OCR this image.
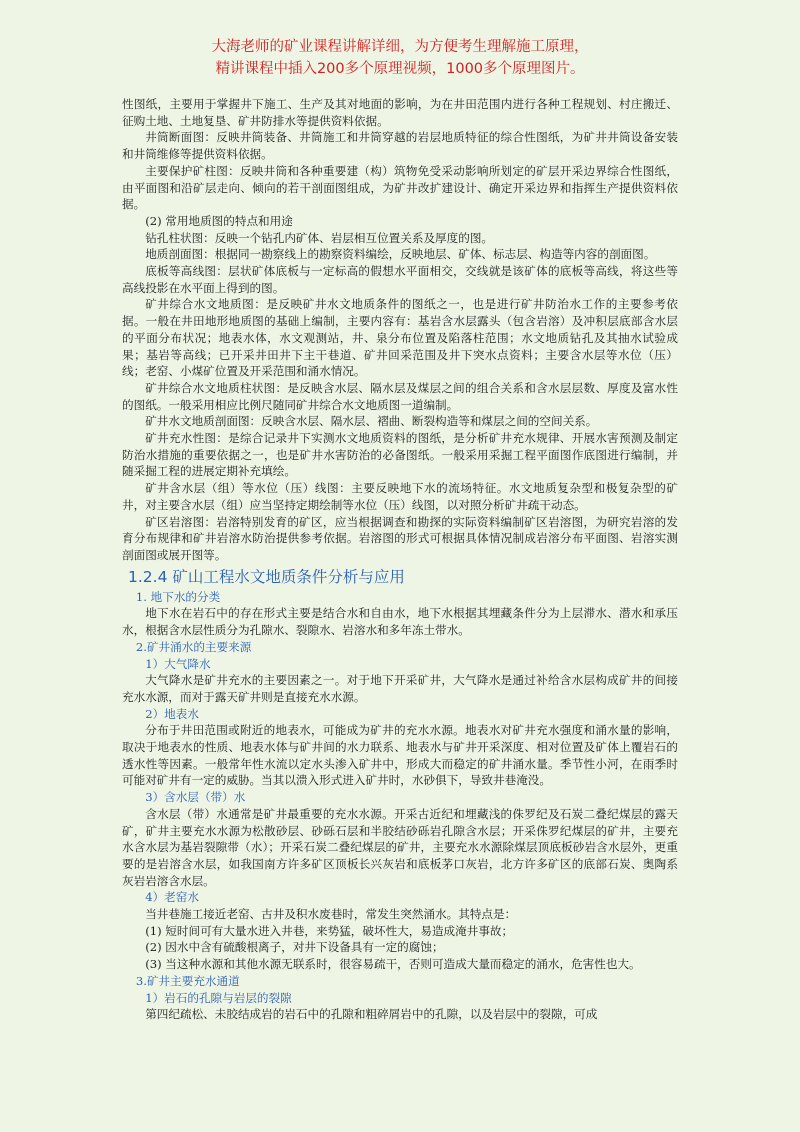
大海老师的矿业课程讲解详细，为方便考生理解施工原理，
精讲课程中插入200多个原理视频，1000多个原理图片。

性图纸，主要用于掌握井下施工、生产及其对地面的影响，为在井田范围内进行各种工程规划、村庄搬迁、征购土地、土地复垦、矿井防排水等提供资料依据。

井筒断面图：反映井筒装备、井筒施工和井筒穿越的岩层地质特征的综合性图纸，为矿井井筒设备安装和井筒维修等提供资料依据。

主要保护矿柱图：反映井筒和各种重要建（构）筑物免受采动影响所划定的矿层开采边界综合性图纸，由平面图和沿矿层走向、倾向的若干剖面图组成，为矿井改扩建设计、确定开采边界和指挥生产提供资料依据。

(2) 常用地质图的特点和用途

钻孔柱状图：反映一个钻孔内矿体、岩层相互位置关系及厚度的图。

地质剖面图：根据同一勘察线上的勘察资料编绘，反映地层、矿体、标志层、构造等内容的剖面图。

底板等高线图：层状矿体底板与一定标高的假想水平面相交，交线就是该矿体的底板等高线，将这些等高线投影在水平面上得到的图。

矿井综合水文地质图：是反映矿井水文地质条件的图纸之一，也是进行矿井防治水工作的主要参考依据。一般在井田地形地质图的基础上编制，主要内容有：基岩含水层露头（包含岩溶）及冲积层底部含水层的平面分布状况；地表水体，水文观测站，井、泉分布位置及陷落柱范围；水文地质钻孔及其抽水试验成果；基岩等高线；已开采井田井下主干巷道、矿井回采范围及井下突水点资料；主要含水层等水位（压）线；老窑、小煤矿位置及开采范围和涌水情况。

矿井综合水文地质柱状图：是反映含水层、隔水层及煤层之间的组合关系和含水层层数、厚度及富水性的图纸。一般采用相应比例尺随同矿井综合水文地质图一道编制。

矿井水文地质剖面图：反映含水层、隔水层、褶曲、断裂构造等和煤层之间的空间关系。

矿井充水性图：是综合记录井下实测水文地质资料的图纸，是分析矿井充水规律、开展水害预测及制定防治水措施的重要依据之一，也是矿井水害防治的必备图纸。一般采用采掘工程平面图作底图进行编制，并随采掘工程的进展定期补充填绘。

矿井含水层（组）等水位（压）线图：主要反映地下水的流场特征。水文地质复杂型和极复杂型的矿井，对主要含水层（组）应当坚持定期绘制等水位（压）线图，以对照分析矿井疏干动态。

矿区岩溶图：岩溶特别发育的矿区，应当根据调查和勘探的实际资料编制矿区岩溶图，为研究岩溶的发育分布规律和矿井岩溶水防治提供参考依据。岩溶图的形式可根据具体情况制成岩溶分布平面图、岩溶实测剖面图或展开图等。

1.2.4 矿山工程水文地质条件分析与应用

1. 地下水的分类

地下水在岩石中的存在形式主要是结合水和自由水，地下水根据其埋藏条件分为上层滞水、潜水和承压水，根据含水层性质分为孔隙水、裂隙水、岩溶水和多年冻土带水。

2.矿井涌水的主要来源

1）大气降水

大气降水是矿井充水的主要因素之一。对于地下开采矿井，大气降水是通过补给含水层构成矿井的间接充水水源，而对于露天矿井则是直接充水水源。

2）地表水

分布于井田范围或附近的地表水，可能成为矿井的充水水源。地表水对矿井充水强度和涌水量的影响，取决于地表水的性质、地表水体与矿井间的水力联系、地表水与矿井开采深度、相对位置及矿体上覆岩石的透水性等因素。一般常年性水流以定水头渗入矿井中，形成大而稳定的矿井涌水量。季节性小河，在雨季时可能对矿井有一定的威胁。当其以溃入形式进入矿井时，水砂俱下，导致井巷淹没。

3）含水层（带）水

含水层（带）水通常是矿井最重要的充水水源。开采古近纪和埋藏浅的侏罗纪及石炭二叠纪煤层的露天矿，矿井主要充水水源为松散砂层、砂砾石层和半胶结砂砾岩孔隙含水层；开采侏罗纪煤层的矿井，主要充水含水层为基岩裂隙带（水）；开采石炭二叠纪煤层的矿井，主要充水水源除煤层顶底板砂岩含水层外，更重要的是岩溶含水层，如我国南方许多矿区顶板长兴灰岩和底板茅口灰岩，北方许多矿区的底部石炭、奥陶系灰岩岩溶含水层。

4）老窑水

当井巷施工接近老窑、古井及积水废巷时，常发生突然涌水。其特点是：

(1) 短时间可有大量水进入井巷，来势猛，破坏性大，易造成淹井事故；

(2) 因水中含有硫酸根离子，对井下设备具有一定的腐蚀；

(3) 当这种水源和其他水源无联系时，很容易疏干，否则可造成大量而稳定的涌水，危害性也大。

3.矿井主要充水通道

1）岩石的孔隙与岩层的裂隙

第四纪疏松、未胶结成岩的岩石中的孔隙和粗碎屑岩中的孔隙，以及岩层中的裂隙，可成
